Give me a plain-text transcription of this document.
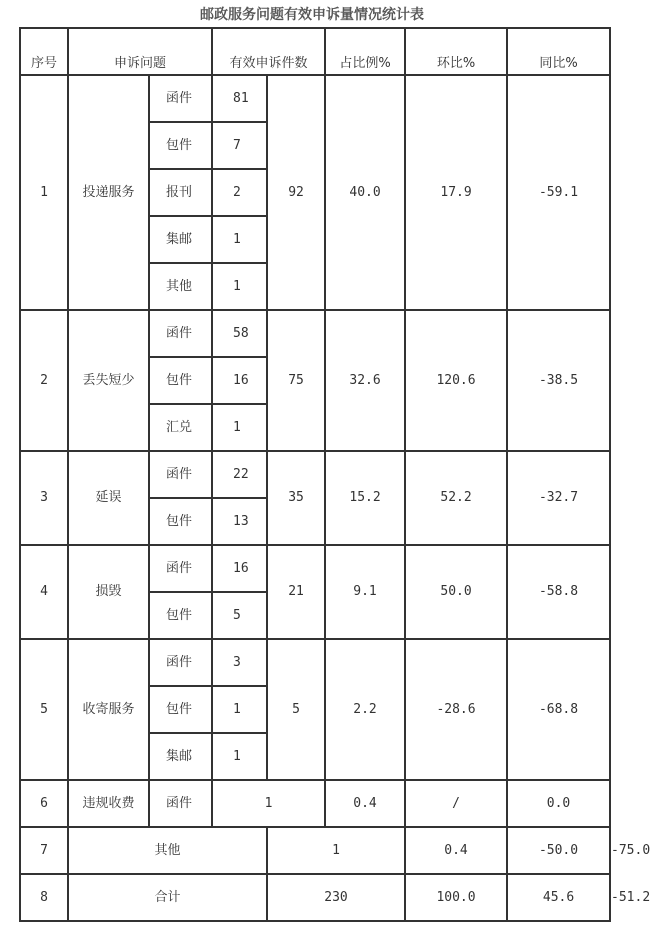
邮政服务问题有效申诉量情况统计表
序号	申诉问题		有效申诉件数		占比例%	环比%	同比%	
1	投递服务	函件	81	92	40.0	17.9	-59.1	
		包件	7					
		报刊	2					
		集邮	1					
		其他	1					
2	丢失短少	函件	58	75	32.6	120.6	-38.5	
		包件	16					
		汇兑	1					
3	延误	函件	22	35	15.2	52.2	-32.7	
		包件	13					
4	损毁	函件	16	21	9.1	50.0	-58.8	
		包件	5					
5	收寄服务	函件	3	5	2.2	-28.6	-68.8	
		包件	1					
		集邮	1					
6	违规收费	函件	1		0.4	/	0.0	
7	其他			1		0.4	-50.0	-75.0
8	合计			230		100.0	45.6	-51.2
